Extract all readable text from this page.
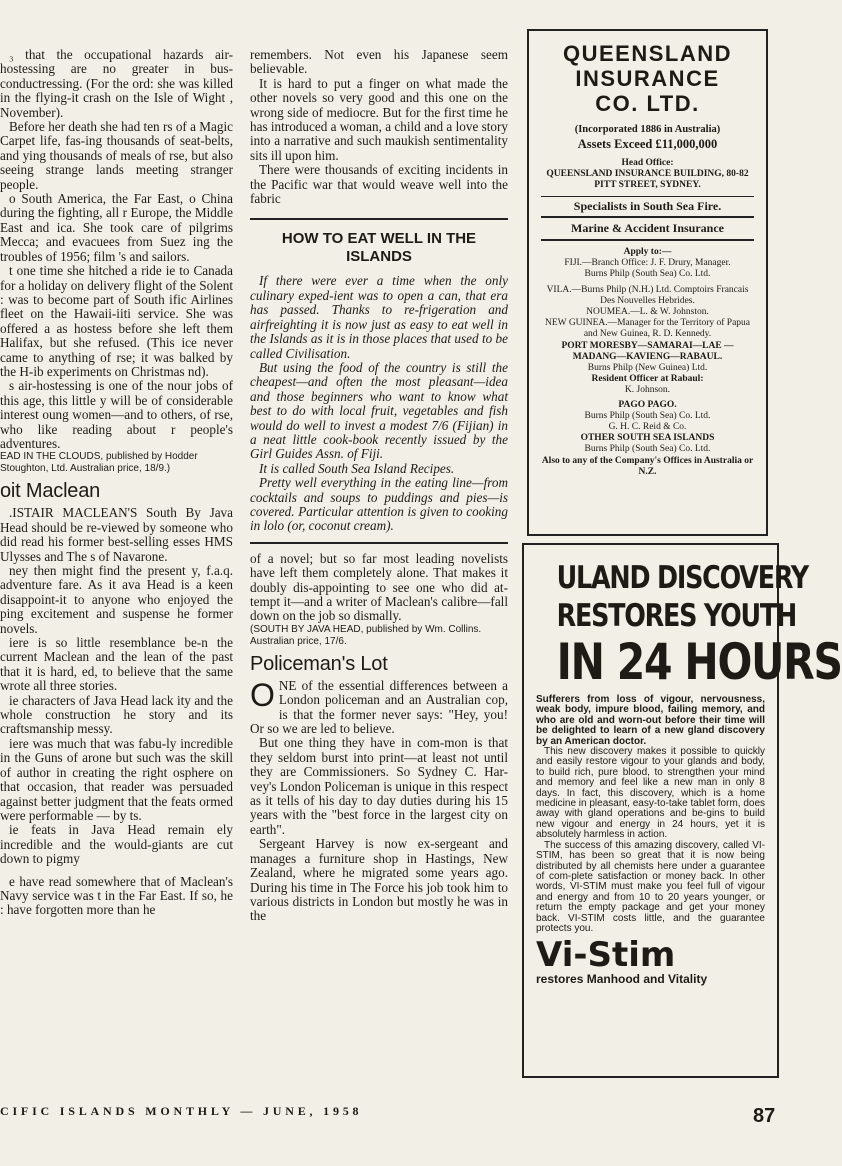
₃ that the occupational hazards air-hostessing are no greater in bus-conductressing. (For the ord: she was killed in the flying-it crash on the Isle of Wight , November).

Before her death she had ten rs of a Magic Carpet life, fas-ing thousands of seat-belts, and ying thousands of meals of rse, but also seeing strange lands meeting stranger people.

o South America, the Far East, o China during the fighting, all r Europe, the Middle East and ica. She took care of pilgrims Mecca; and evacuees from Suez ing the troubles of 1956; film 's and sailors.

t one time she hitched a ride ie to Canada for a holiday on delivery flight of the Solent : was to become part of South ific Airlines fleet on the Hawaii-iiti service. She was offered a as hostess before she left them Halifax, but she refused. (This ice never came to anything of rse; it was balked by the H-ib experiments on Christmas nd).

s air-hostessing is one of the nour jobs of this age, this little y will be of considerable interest oung women—and to others, of rse, who like reading about r people's adventures.

EAD IN THE CLOUDS, published by Hodder Stoughton, Ltd. Australian price, 18/9.)

oit Maclean

.ISTAIR MACLEAN'S South By Java Head should be re-viewed by someone who did read his former best-selling esses HMS Ulysses and The s of Navarone.

ney then might find the present y, f.a.q. adventure fare. As it ava Head is a keen disappoint-it to anyone who enjoyed the ping excitement and suspense he former novels.

iere is so little resemblance be-n the current Maclean and the lean of the past that it is hard, ed, to believe that the same wrote all three stories.

ie characters of Java Head lack ity and the whole construction he story and its craftsmanship messy.

iere was much that was fabu-ly incredible in the Guns of arone but such was the skill of author in creating the right osphere on that occasion, that reader was persuaded against better judgment that the feats ormed were performable — by ts.

ie feats in Java Head remain ely incredible and the would-giants are cut down to pigmy

e have read somewhere that of Maclean's Navy service was t in the Far East. If so, he : have forgotten more than he

remembers. Not even his Japanese seem believable.

It is hard to put a finger on what made the other novels so very good and this one on the wrong side of mediocre. But for the first time he has introduced a woman, a child and a love story into a narrative and such maukish sentimentality sits ill upon him.

There were thousands of exciting incidents in the Pacific war that would weave well into the fabric

HOW TO EAT WELL IN THE ISLANDS

If there were ever a time when the only culinary exped-ient was to open a can, that era has passed. Thanks to re-frigeration and airfreighting it is now just as easy to eat well in the Islands as it is in those places that used to be called Civilisation.

But using the food of the country is still the cheapest—and often the most pleasant—idea and those beginners who want to know what best to do with local fruit, vegetables and fish would do well to invest a modest 7/6 (Fijian) in a neat little cook-book recently issued by the Girl Guides Assn. of Fiji.

It is called South Sea Island Recipes.

Pretty well everything in the eating line—from cocktails and soups to puddings and pies—is covered. Particular attention is given to cooking in lolo (or, coconut cream).

of a novel; but so far most leading novelists have left them completely alone. That makes it doubly dis-appointing to see one who did at-tempt it—and a writer of Maclean's calibre—fall down on the job so dismally.

(SOUTH BY JAVA HEAD, published by Wm. Collins. Australian price, 17/6.

Policeman's Lot

ONE of the essential differences between a London policeman and an Australian cop, is that the former never says: "Hey, you! Or so we are led to believe.

But one thing they have in com-mon is that they seldom burst into print—at least not until they are Commissioners. So Sydney C. Har-vey's London Policeman is unique in this respect as it tells of his day to day duties during his 15 years with the "best force in the largest city on earth".

Sergeant Harvey is now ex-sergeant and manages a furniture shop in Hastings, New Zealand, where he migrated some years ago. During his time in The Force his job took him to various districts in London but mostly he was in the

QUEENSLAND
INSURANCE
CO. LTD.
(Incorporated 1886 in Australia)
Assets Exceed £11,000,000
Head Office:
QUEENSLAND INSURANCE BUILDING, 80-82 PITT STREET, SYDNEY.
Specialists in South Sea Fire.
Marine & Accident Insurance
Apply to:—
FIJI.—Branch Office: J. F. Drury, Manager.
Burns Philp (South Sea) Co. Ltd.
VILA.—Burns Philp (N.H.) Ltd. Comptoirs Francais Des Nouvelles Hebrides.
NOUMEA.—L. & W. Johnston.
NEW GUINEA.—Manager for the Territory of Papua and New Guinea, R. D. Kennedy.
PORT MORESBY—SAMARAI—LAE —MADANG—KAVIENG—RABAUL.
Burns Philp (New Guinea) Ltd.
Resident Officer at Rabaul:
K. Johnson.
PAGO PAGO.
Burns Philp (South Sea) Co. Ltd.
G. H. C. Reid & Co.
OTHER SOUTH SEA ISLANDS
Burns Philp (South Sea) Co. Ltd.
Also to any of the Company's Offices in Australia or N.Z.
ULAND DISCOVERY
RESTORES YOUTH
IN 24 HOURS
Sufferers from loss of vigour, nervousness, weak body, impure blood, failing memory, and who are old and worn-out before their time will be delighted to learn of a new gland discovery by an American doctor.
This new discovery makes it possible to quickly and easily restore vigour to your glands and body, to build rich, pure blood, to strengthen your mind and memory and feel like a new man in only 8 days. In fact, this discovery, which is a home medicine in pleasant, easy-to-take tablet form, does away with gland operations and be-gins to build new vigour and energy in 24 hours, yet it is absolutely harmless in action.
The success of this amazing discovery, called VI-STIM, has been so great that it is now being distributed by all chemists here under a guarantee of com-plete satisfaction or money back. In other words, VI-STIM must make you feel full of vigour and energy and from 10 to 20 years younger, or return the empty package and get your money back. VI-STIM costs little, and the guarantee protects you.
Vi-Stim
restores Manhood and Vitality
CIFIC ISLANDS MONTHLY — JUNE, 1958	87
